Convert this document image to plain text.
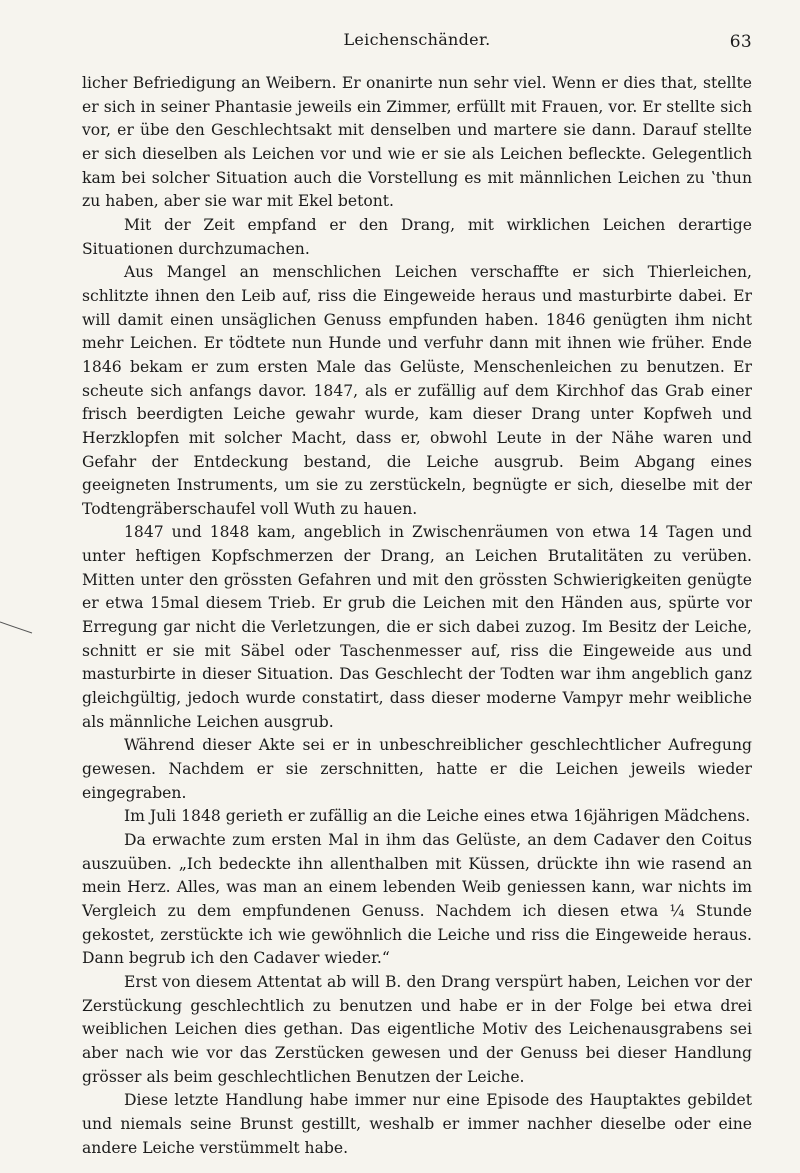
Leichenschänder.	63

licher Befriedigung an Weibern. Er onanirte nun sehr viel. Wenn er dies that, stellte er sich in seiner Phantasie jeweils ein Zimmer, erfüllt mit Frauen, vor. Er stellte sich vor, er übe den Geschlechtsakt mit denselben und martere sie dann. Darauf stellte er sich dieselben als Leichen vor und wie er sie als Leichen befleckte. Gelegentlich kam bei solcher Situation auch die Vorstellung es mit männlichen Leichen zu ʽthun zu haben, aber sie war mit Ekel betont.

Mit der Zeit empfand er den Drang, mit wirklichen Leichen derartige Situationen durchzumachen.

Aus Mangel an menschlichen Leichen verschaffte er sich Thierleichen, schlitzte ihnen den Leib auf, riss die Eingeweide heraus und masturbirte dabei. Er will damit einen unsäglichen Genuss empfunden haben. 1846 genügten ihm nicht mehr Leichen. Er tödtete nun Hunde und verfuhr dann mit ihnen wie früher. Ende 1846 bekam er zum ersten Male das Gelüste, Menschenleichen zu benutzen. Er scheute sich anfangs davor. 1847, als er zufällig auf dem Kirchhof das Grab einer frisch beerdigten Leiche gewahr wurde, kam dieser Drang unter Kopfweh und Herzklopfen mit solcher Macht, dass er, obwohl Leute in der Nähe waren und Gefahr der Entdeckung bestand, die Leiche ausgrub. Beim Abgang eines geeigneten Instruments, um sie zu zerstückeln, begnügte er sich, dieselbe mit der Todtengräberschaufel voll Wuth zu hauen.

1847 und 1848 kam, angeblich in Zwischenräumen von etwa 14 Tagen und unter heftigen Kopfschmerzen der Drang, an Leichen Brutalitäten zu verüben. Mitten unter den grössten Gefahren und mit den grössten Schwierigkeiten genügte er etwa 15mal diesem Trieb. Er grub die Leichen mit den Händen aus, spürte vor Erregung gar nicht die Verletzungen, die er sich dabei zuzog. Im Besitz der Leiche, schnitt er sie mit Säbel oder Taschenmesser auf, riss die Eingeweide aus und masturbirte in dieser Situation. Das Geschlecht der Todten war ihm angeblich ganz gleichgültig, jedoch wurde constatirt, dass dieser moderne Vampyr mehr weibliche als männliche Leichen ausgrub.

Während dieser Akte sei er in unbeschreiblicher geschlechtlicher Aufregung gewesen. Nachdem er sie zerschnitten, hatte er die Leichen jeweils wieder eingegraben.

Im Juli 1848 gerieth er zufällig an die Leiche eines etwa 16jährigen Mädchens.

Da erwachte zum ersten Mal in ihm das Gelüste, an dem Cadaver den Coitus auszuüben. „Ich bedeckte ihn allenthalben mit Küssen, drückte ihn wie rasend an mein Herz. Alles, was man an einem lebenden Weib geniessen kann, war nichts im Vergleich zu dem empfundenen Genuss. Nachdem ich diesen etwa ¼ Stunde gekostet, zerstückte ich wie gewöhnlich die Leiche und riss die Eingeweide heraus. Dann begrub ich den Cadaver wieder.“

Erst von diesem Attentat ab will B. den Drang verspürt haben, Leichen vor der Zerstückung geschlechtlich zu benutzen und habe er in der Folge bei etwa drei weiblichen Leichen dies gethan. Das eigentliche Motiv des Leichenausgrabens sei aber nach wie vor das Zerstücken gewesen und der Genuss bei dieser Handlung grösser als beim geschlechtlichen Benutzen der Leiche.

Diese letzte Handlung habe immer nur eine Episode des Hauptaktes gebildet und niemals seine Brunst gestillt, weshalb er immer nachher dieselbe oder eine andere Leiche verstümmelt habe.
